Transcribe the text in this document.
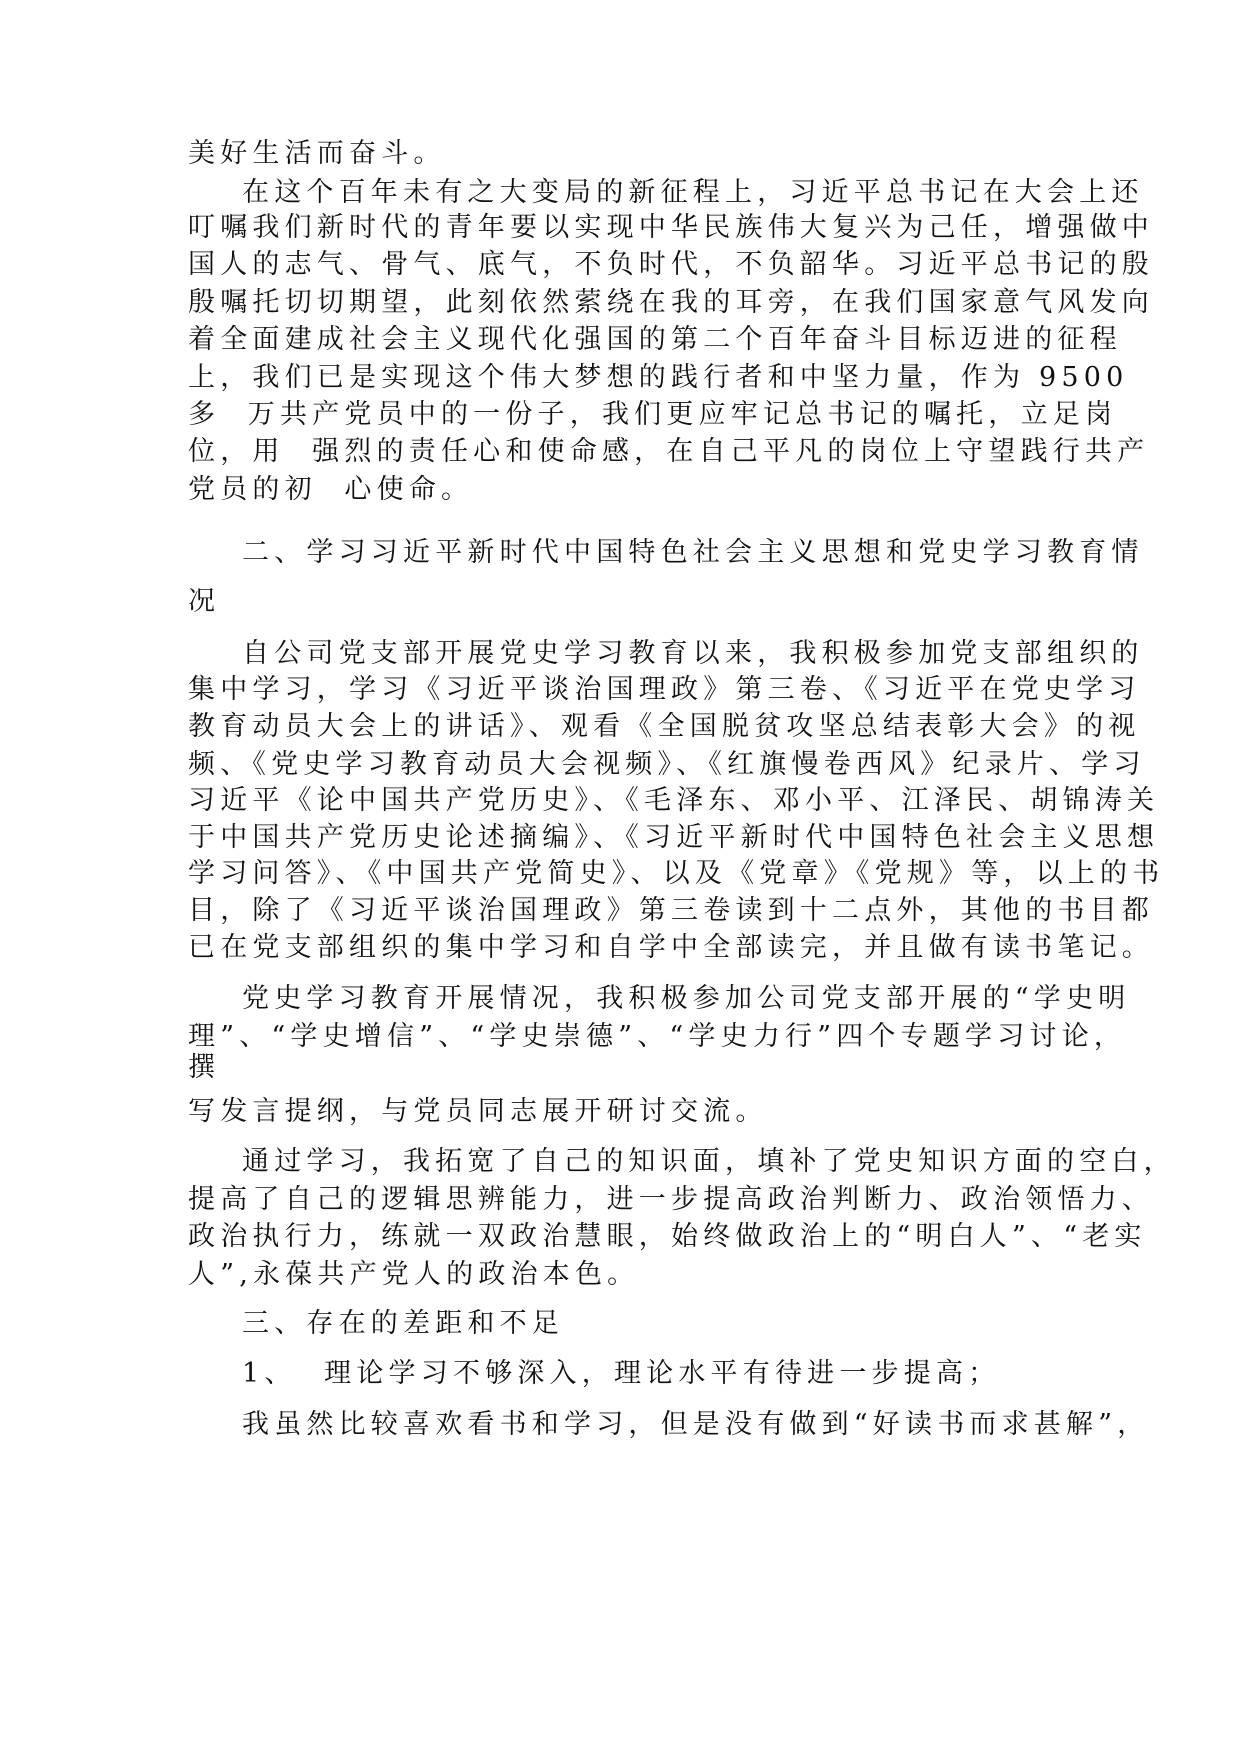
美好生活而奋斗。
在这个百年未有之大变局的新征程上，习近平总书记在大会上还
叮嘱我们新时代的青年要以实现中华民族伟大复兴为己任，增强做中
国人的志气、骨气、底气，不负时代，不负韶华。习近平总书记的殷
殷嘱托切切期望，此刻依然萦绕在我的耳旁，在我们国家意气风发向
着全面建成社会主义现代化强国的第二个百年奋斗目标迈进的征程
上，我们已是实现这个伟大梦想的践行者和中坚力量，作为 9500
多  万共产党员中的一份子，我们更应牢记总书记的嘱托，立足岗
位，用  强烈的责任心和使命感，在自己平凡的岗位上守望践行共产
党员的初  心使命。
二、学习习近平新时代中国特色社会主义思想和党史学习教育情
况
自公司党支部开展党史学习教育以来，我积极参加党支部组织的
集中学习，学习《习近平谈治国理政》第三卷、《习近平在党史学习
教育动员大会上的讲话》、观看《全国脱贫攻坚总结表彰大会》的视
频、《党史学习教育动员大会视频》、《红旗慢卷西风》纪录片、学习
习近平《论中国共产党历史》、《毛泽东、邓小平、江泽民、胡锦涛关
于中国共产党历史论述摘编》、《习近平新时代中国特色社会主义思想
学习问答》、《中国共产党简史》、以及《党章》《党规》等，以上的书
目，除了《习近平谈治国理政》第三卷读到十二点外，其他的书目都
已在党支部组织的集中学习和自学中全部读完，并且做有读书笔记。
党史学习教育开展情况，我积极参加公司党支部开展的“学史明
理”、“学史增信”、“学史崇德”、“学史力行”四个专题学习讨论，
撰
写发言提纲，与党员同志展开研讨交流。
通过学习，我拓宽了自己的知识面，填补了党史知识方面的空白，
提高了自己的逻辑思辨能力，进一步提高政治判断力、政治领悟力、
政治执行力，练就一双政治慧眼，始终做政治上的“明白人”、“老实
人”,永葆共产党人的政治本色。
三、存在的差距和不足
1、  理论学习不够深入，理论水平有待进一步提高；
我虽然比较喜欢看书和学习，但是没有做到“好读书而求甚解”，
